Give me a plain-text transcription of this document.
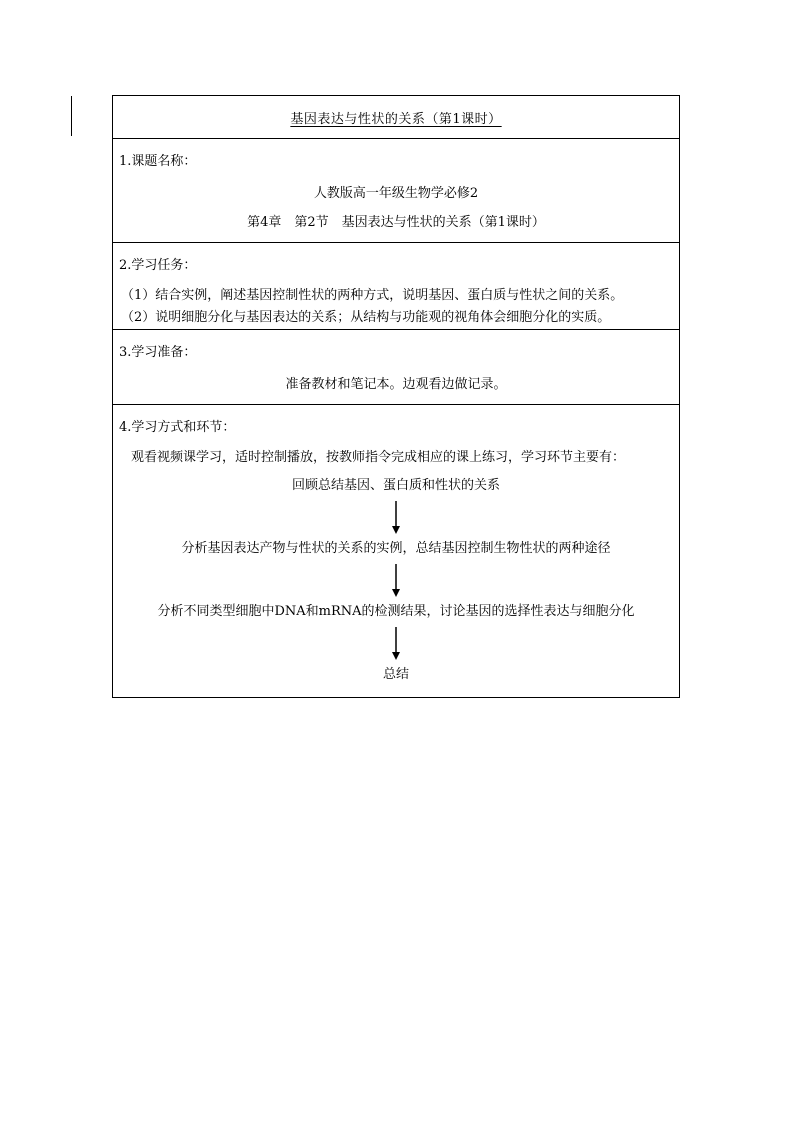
基因表达与性状的关系（第1课时）
1.课题名称：
人教版高一年级生物学必修2
第4章　第2节　基因表达与性状的关系（第1课时）
2.学习任务：
（1）结合实例，阐述基因控制性状的两种方式，说明基因、蛋白质与性状之间的关系。
（2）说明细胞分化与基因表达的关系；从结构与功能观的视角体会细胞分化的实质。
3.学习准备：
准备教材和笔记本。边观看边做记录。
4.学习方式和环节：
观看视频课学习，适时控制播放，按教师指令完成相应的课上练习，学习环节主要有：
回顾总结基因、蛋白质和性状的关系
分析基因表达产物与性状的关系的实例，总结基因控制生物性状的两种途径
分析不同类型细胞中DNA和mRNA的检测结果，讨论基因的选择性表达与细胞分化
总结
